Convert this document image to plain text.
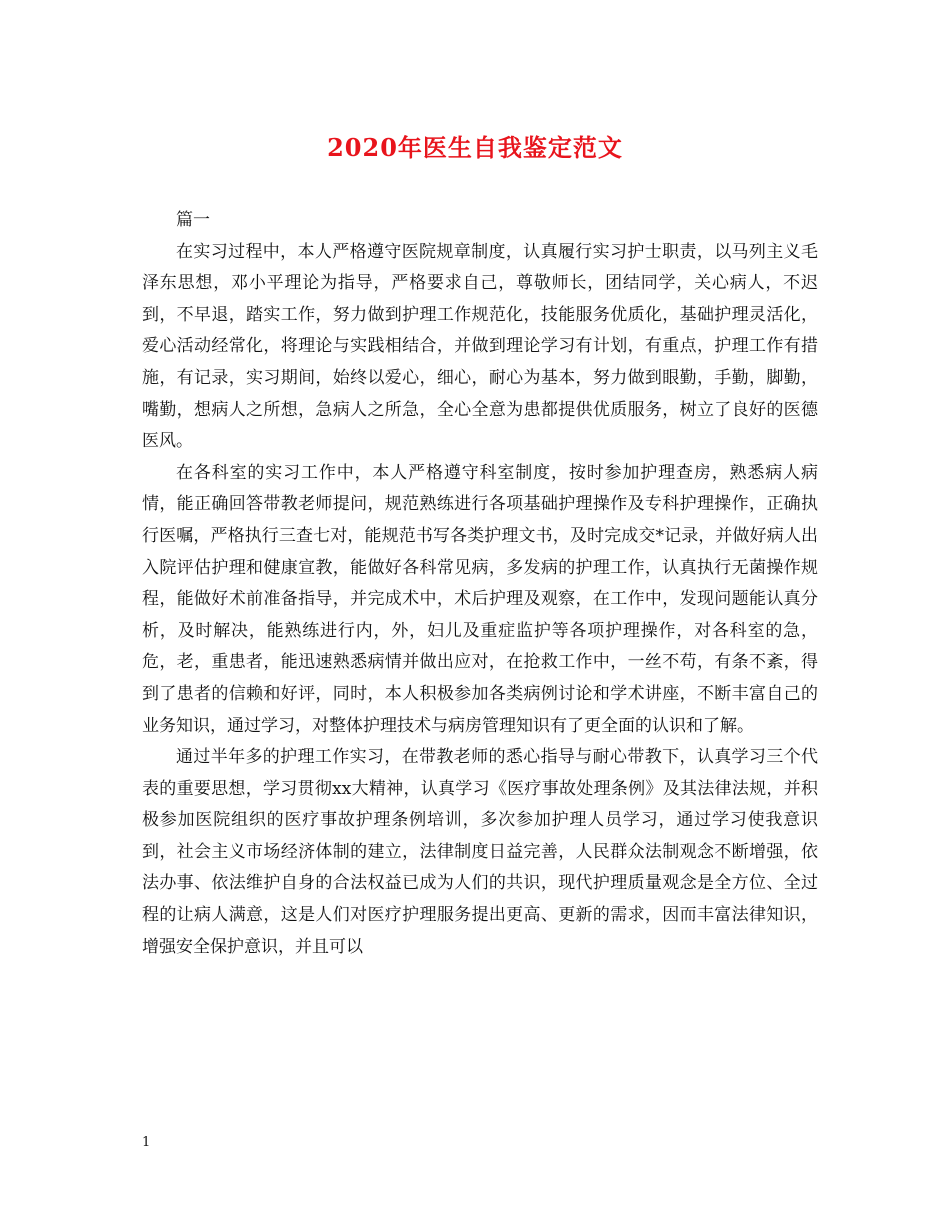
2020年医生自我鉴定范文

篇一

在实习过程中，本人严格遵守医院规章制度，认真履行实习护士职责，以马列主义毛泽东思想，邓小平理论为指导，严格要求自己，尊敬师长，团结同学，关心病人，不迟到，不早退，踏实工作，努力做到护理工作规范化，技能服务优质化，基础护理灵活化，爱心活动经常化，将理论与实践相结合，并做到理论学习有计划，有重点，护理工作有措施，有记录，实习期间，始终以爱心，细心，耐心为基本，努力做到眼勤，手勤，脚勤，嘴勤，想病人之所想，急病人之所急，全心全意为患都提供优质服务，树立了良好的医德医风。

在各科室的实习工作中，本人严格遵守科室制度，按时参加护理查房，熟悉病人病情，能正确回答带教老师提问，规范熟练进行各项基础护理操作及专科护理操作，正确执行医嘱，严格执行三查七对，能规范书写各类护理文书，及时完成交*记录，并做好病人出入院评估护理和健康宣教，能做好各科常见病，多发病的护理工作，认真执行无菌操作规程，能做好术前准备指导，并完成术中，术后护理及观察，在工作中，发现问题能认真分析，及时解决，能熟练进行内，外，妇儿及重症监护等各项护理操作，对各科室的急，危，老，重患者，能迅速熟悉病情并做出应对，在抢救工作中，一丝不苟，有条不紊，得到了患者的信赖和好评，同时，本人积极参加各类病例讨论和学术讲座，不断丰富自己的业务知识，通过学习，对整体护理技术与病房管理知识有了更全面的认识和了解。

通过半年多的护理工作实习，在带教老师的悉心指导与耐心带教下，认真学习三个代表的重要思想，学习贯彻xx大精神，认真学习《医疗事故处理条例》及其法律法规，并积极参加医院组织的医疗事故护理条例培训，多次参加护理人员学习，通过学习使我意识到，社会主义市场经济体制的建立，法律制度日益完善，人民群众法制观念不断增强，依法办事、依法维护自身的合法权益已成为人们的共识，现代护理质量观念是全方位、全过程的让病人满意，这是人们对医疗护理服务提出更高、更新的需求，因而丰富法律知识，增强安全保护意识，并且可以

1
